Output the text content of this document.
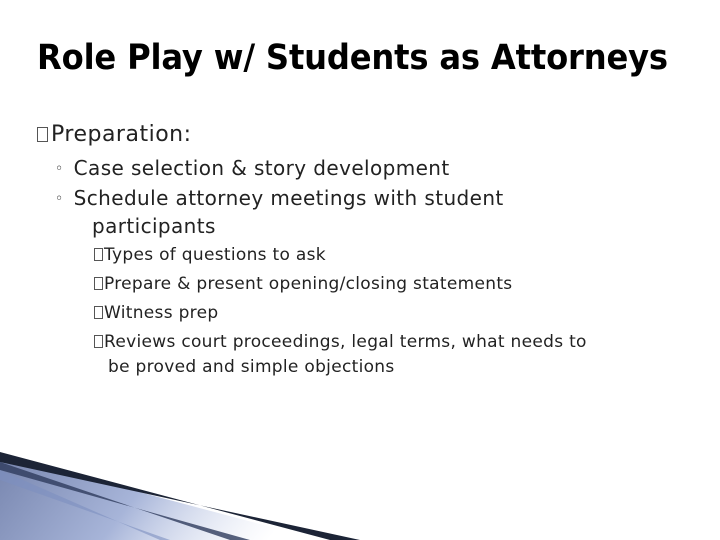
Role Play w/ Students as Attorneys
Preparation:
◦ Case selection & story development
◦ Schedule attorney meetings with student
participants
Types of questions to ask
Prepare & present opening/closing statements
Witness prep
Reviews court proceedings, legal terms, what needs to
be proved and simple objections
